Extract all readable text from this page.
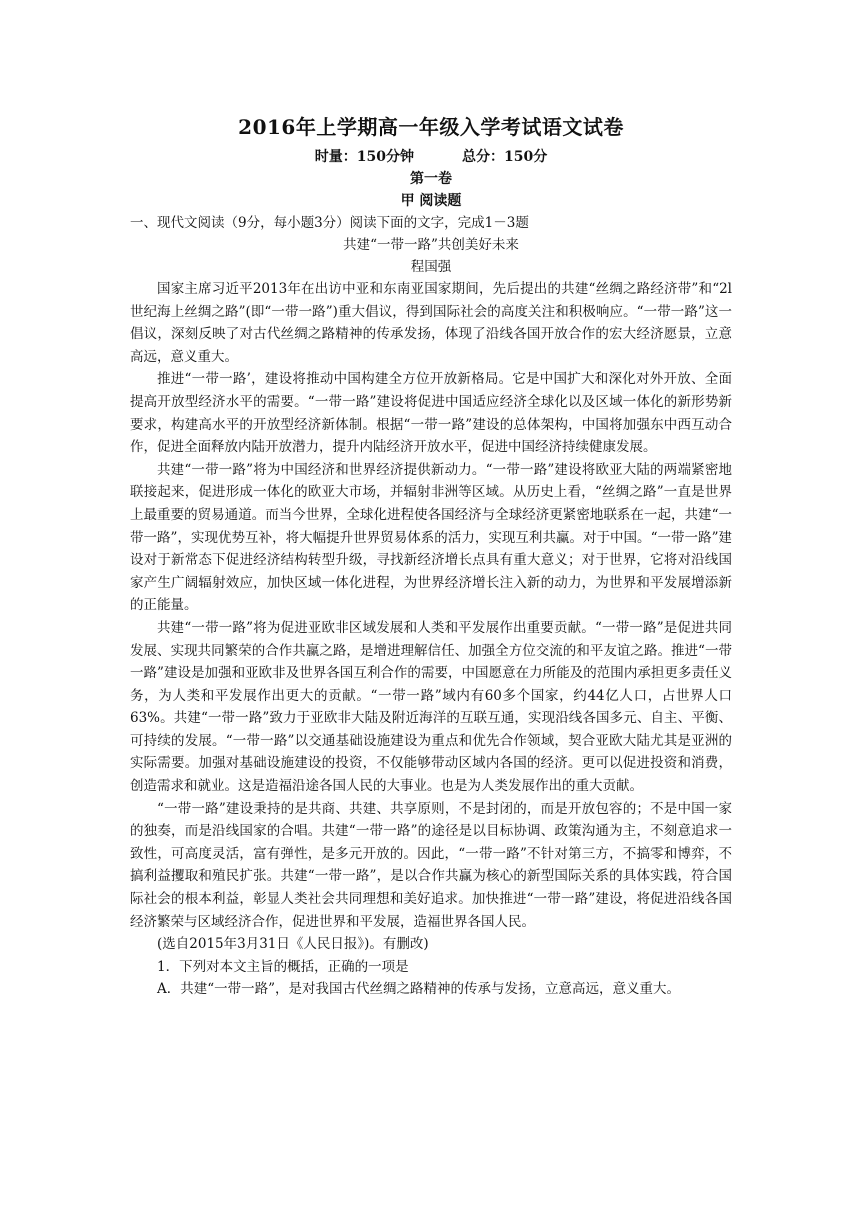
2016年上学期高一年级入学考试语文试卷
时量：150分钟	总分：150分
第一卷
甲 阅读题
一、现代文阅读（9分，每小题3分）阅读下面的文字，完成1－3题
共建“一带一路”共创美好未来
程国强

国家主席习近平2013年在出访中亚和东南亚国家期间，先后提出的共建“丝绸之路经济带”和“2l世纪海上丝绸之路”(即“一带一路”)重大倡议，得到国际社会的高度关注和积极响应。“一带一路”这一倡议，深刻反映了对古代丝绸之路精神的传承发扬，体现了沿线各国开放合作的宏大经济愿景，立意高远，意义重大。

推进“一带一路’，建设将推动中国构建全方位开放新格局。它是中国扩大和深化对外开放、全面提高开放型经济水平的需要。“一带一路”建设将促进中国适应经济全球化以及区域一体化的新形势新要求，构建高水平的开放型经济新体制。根据“一带一路”建设的总体架构，中国将加强东中西互动合作，促进全面释放内陆开放潜力，提升内陆经济开放水平，促进中国经济持续健康发展。

共建“一带一路”将为中国经济和世界经济提供新动力。“一带一路”建设将欧亚大陆的两端紧密地联接起来，促进形成一体化的欧亚大市场，并辐射非洲等区域。从历史上看，“丝绸之路”一直是世界上最重要的贸易通道。而当今世界，全球化进程使各国经济与全球经济更紧密地联系在一起，共建“一带一路”，实现优势互补，将大幅提升世界贸易体系的活力，实现互利共赢。对于中国。“一带一路”建设对于新常态下促进经济结构转型升级，寻找新经济增长点具有重大意义；对于世界，它将对沿线国家产生广阔辐射效应，加快区域一体化进程，为世界经济增长注入新的动力，为世界和平发展增添新的正能量。

共建“一带一路”将为促进亚欧非区域发展和人类和平发展作出重要贡献。“一带一路”是促进共同发展、实现共同繁荣的合作共赢之路，是增进理解信任、加强全方位交流的和平友谊之路。推进“一带一路”建设是加强和亚欧非及世界各国互利合作的需要，中国愿意在力所能及的范围内承担更多责任义务，为人类和平发展作出更大的贡献。“一带一路”域内有60多个国家，约44亿人口，占世界人口63%。共建“一带一路”致力于亚欧非大陆及附近海洋的互联互通，实现沿线各国多元、自主、平衡、可持续的发展。“一带一路”以交通基础设施建设为重点和优先合作领域，契合亚欧大陆尤其是亚洲的实际需要。加强对基础设施建设的投资，不仅能够带动区域内各国的经济。更可以促进投资和消费，创造需求和就业。这是造福沿途各国人民的大事业。也是为人类发展作出的重大贡献。

“一带一路”建设秉持的是共商、共建、共享原则，不是封闭的，而是开放包容的；不是中国一家的独奏，而是沿线国家的合唱。共建“一带一路”的途径是以目标协调、政策沟通为主，不刻意追求一致性，可高度灵活，富有弹性，是多元开放的。因此，“一带一路”不针对第三方，不搞零和博弈，不搞利益攫取和殖民扩张。共建“一带一路”，是以合作共赢为核心的新型国际关系的具体实践，符合国际社会的根本利益，彰显人类社会共同理想和美好追求。加快推进“一带一路”建设，将促进沿线各国经济繁荣与区域经济合作，促进世界和平发展，造福世界各国人民。

(选自2015年3月31日《人民日报》)。有删改)

1．下列对本文主旨的概括，正确的一项是

A．共建“一带一路”，是对我国古代丝绸之路精神的传承与发扬，立意高远，意义重大。
